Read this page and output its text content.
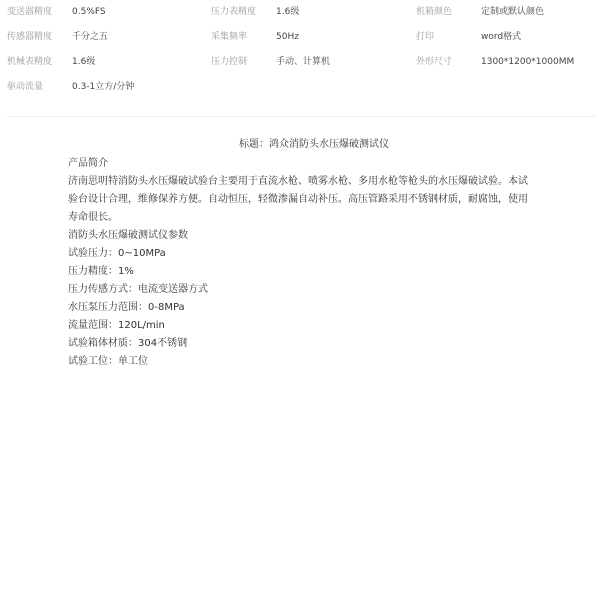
变送器精度 0.5%FS	压力表精度 1.6级	机箱颜色	定制或默认颜色
传感器精度 千分之五	采集频率	50Hz	打印	word格式
机械表精度 1.6级	压力控制	手动、计算机	外形尺寸	1300*1200*1000MM
驱动流量	0.3-1立方/分钟
标题：鸿众消防头水压爆破测试仪

产品简介

济南思明特消防头水压爆破试验台主要用于直流水枪、喷雾水枪、多用水枪等枪头的水压爆破试验。本试验台设计合理，维修保养方便。自动恒压，轻微渗漏自动补压。高压管路采用不锈钢材质，耐腐蚀，使用寿命很长。

消防头水压爆破测试仪参数

试验压力：0~10MPa

压力精度：1%

压力传感方式：电流变送器方式

水压泵压力范围：0-8MPa

流量范围：120L/min

试验箱体材质：304不锈钢

试验工位：单工位
